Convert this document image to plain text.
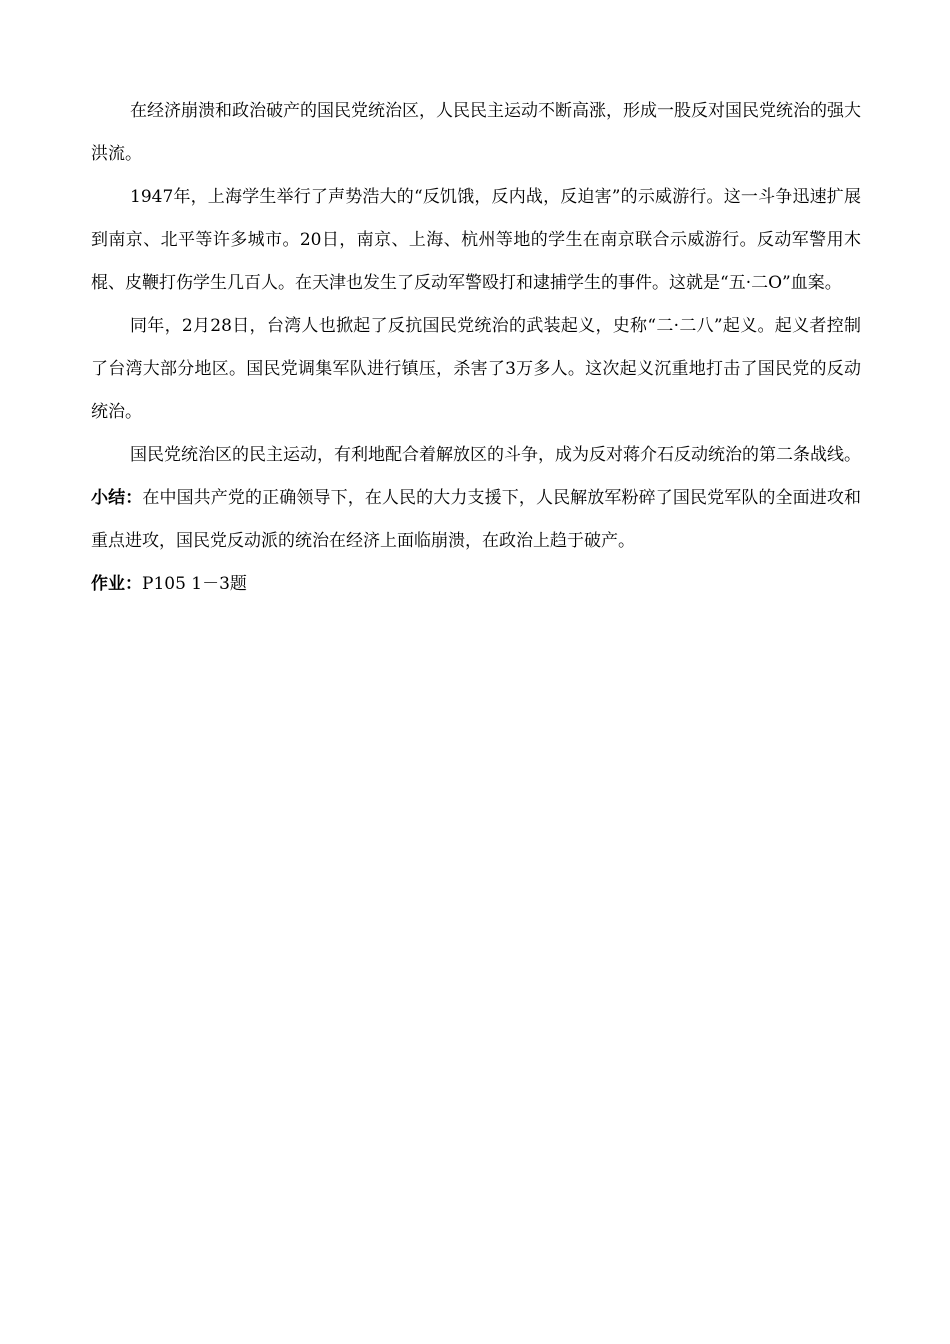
在经济崩溃和政治破产的国民党统治区，人民民主运动不断高涨，形成一股反对国民党统治的强大洪流。

1947年，上海学生举行了声势浩大的“反饥饿，反内战，反迫害”的示威游行。这一斗争迅速扩展到南京、北平等许多城市。20日，南京、上海、杭州等地的学生在南京联合示威游行。反动军警用木棍、皮鞭打伤学生几百人。在天津也发生了反动军警殴打和逮捕学生的事件。这就是“五·二O”血案。

同年，2月28日，台湾人也掀起了反抗国民党统治的武装起义，史称“二·二八”起义。起义者控制了台湾大部分地区。国民党调集军队进行镇压，杀害了3万多人。这次起义沉重地打击了国民党的反动统治。

国民党统治区的民主运动，有利地配合着解放区的斗争，成为反对蒋介石反动统治的第二条战线。

小结：在中国共产党的正确领导下，在人民的大力支援下，人民解放军粉碎了国民党军队的全面进攻和重点进攻，国民党反动派的统治在经济上面临崩溃，在政治上趋于破产。

作业：P105 1－3题
